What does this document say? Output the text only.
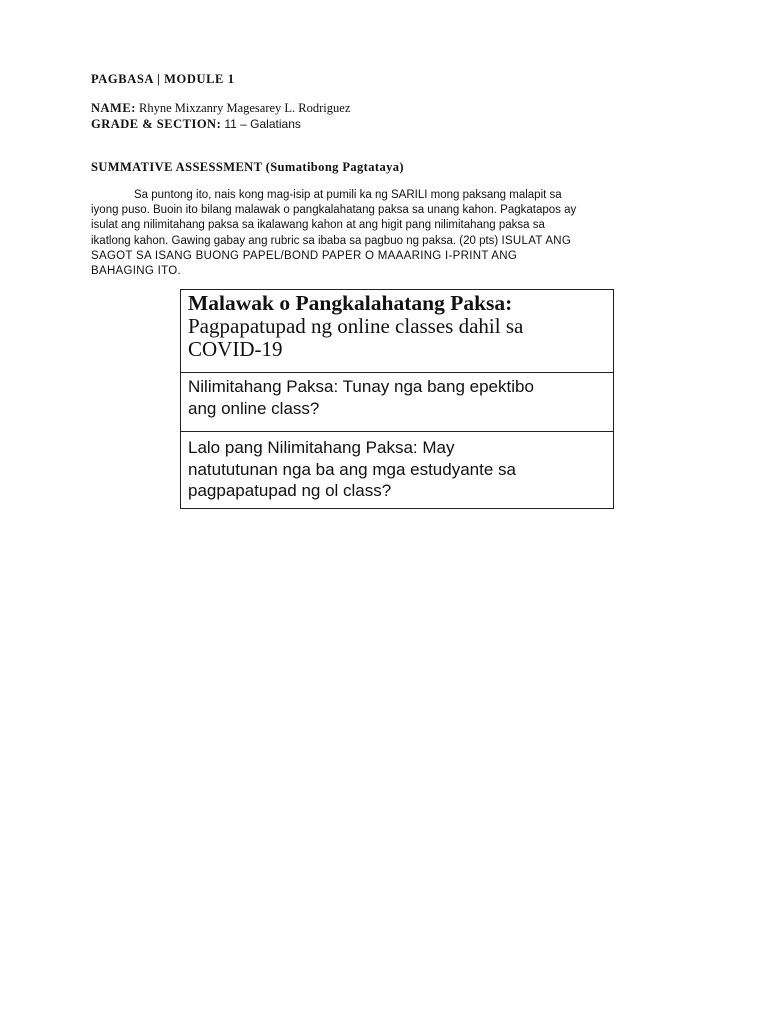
PAGBASA | MODULE 1
NAME: Rhyne Mixzanry Magesarey L. Rodriguez
GRADE & SECTION: 11 – Galatians
SUMMATIVE ASSESSMENT (Sumatibong Pagtataya)
Sa puntong ito, nais kong mag-isip at pumili ka ng SARILI mong paksang malapit sa
iyong puso. Buoin ito bilang malawak o pangkalahatang paksa sa unang kahon. Pagkatapos ay
isulat ang nilimitahang paksa sa ikalawang kahon at ang higit pang nilimitahang paksa sa
ikatlong kahon. Gawing gabay ang rubric sa ibaba sa pagbuo ng paksa. (20 pts) ISULAT ANG
SAGOT SA ISANG BUONG PAPEL/BOND PAPER O MAAARING I-PRINT ANG
BAHAGING ITO.
Malawak o Pangkalahatang Paksa:
Pagpapatupad ng online classes dahil sa
COVID-19
Nilimitahang Paksa: Tunay nga bang epektibo
ang online class?
Lalo pang Nilimitahang Paksa: May
natututunan nga ba ang mga estudyante sa
pagpapatupad ng ol class?
